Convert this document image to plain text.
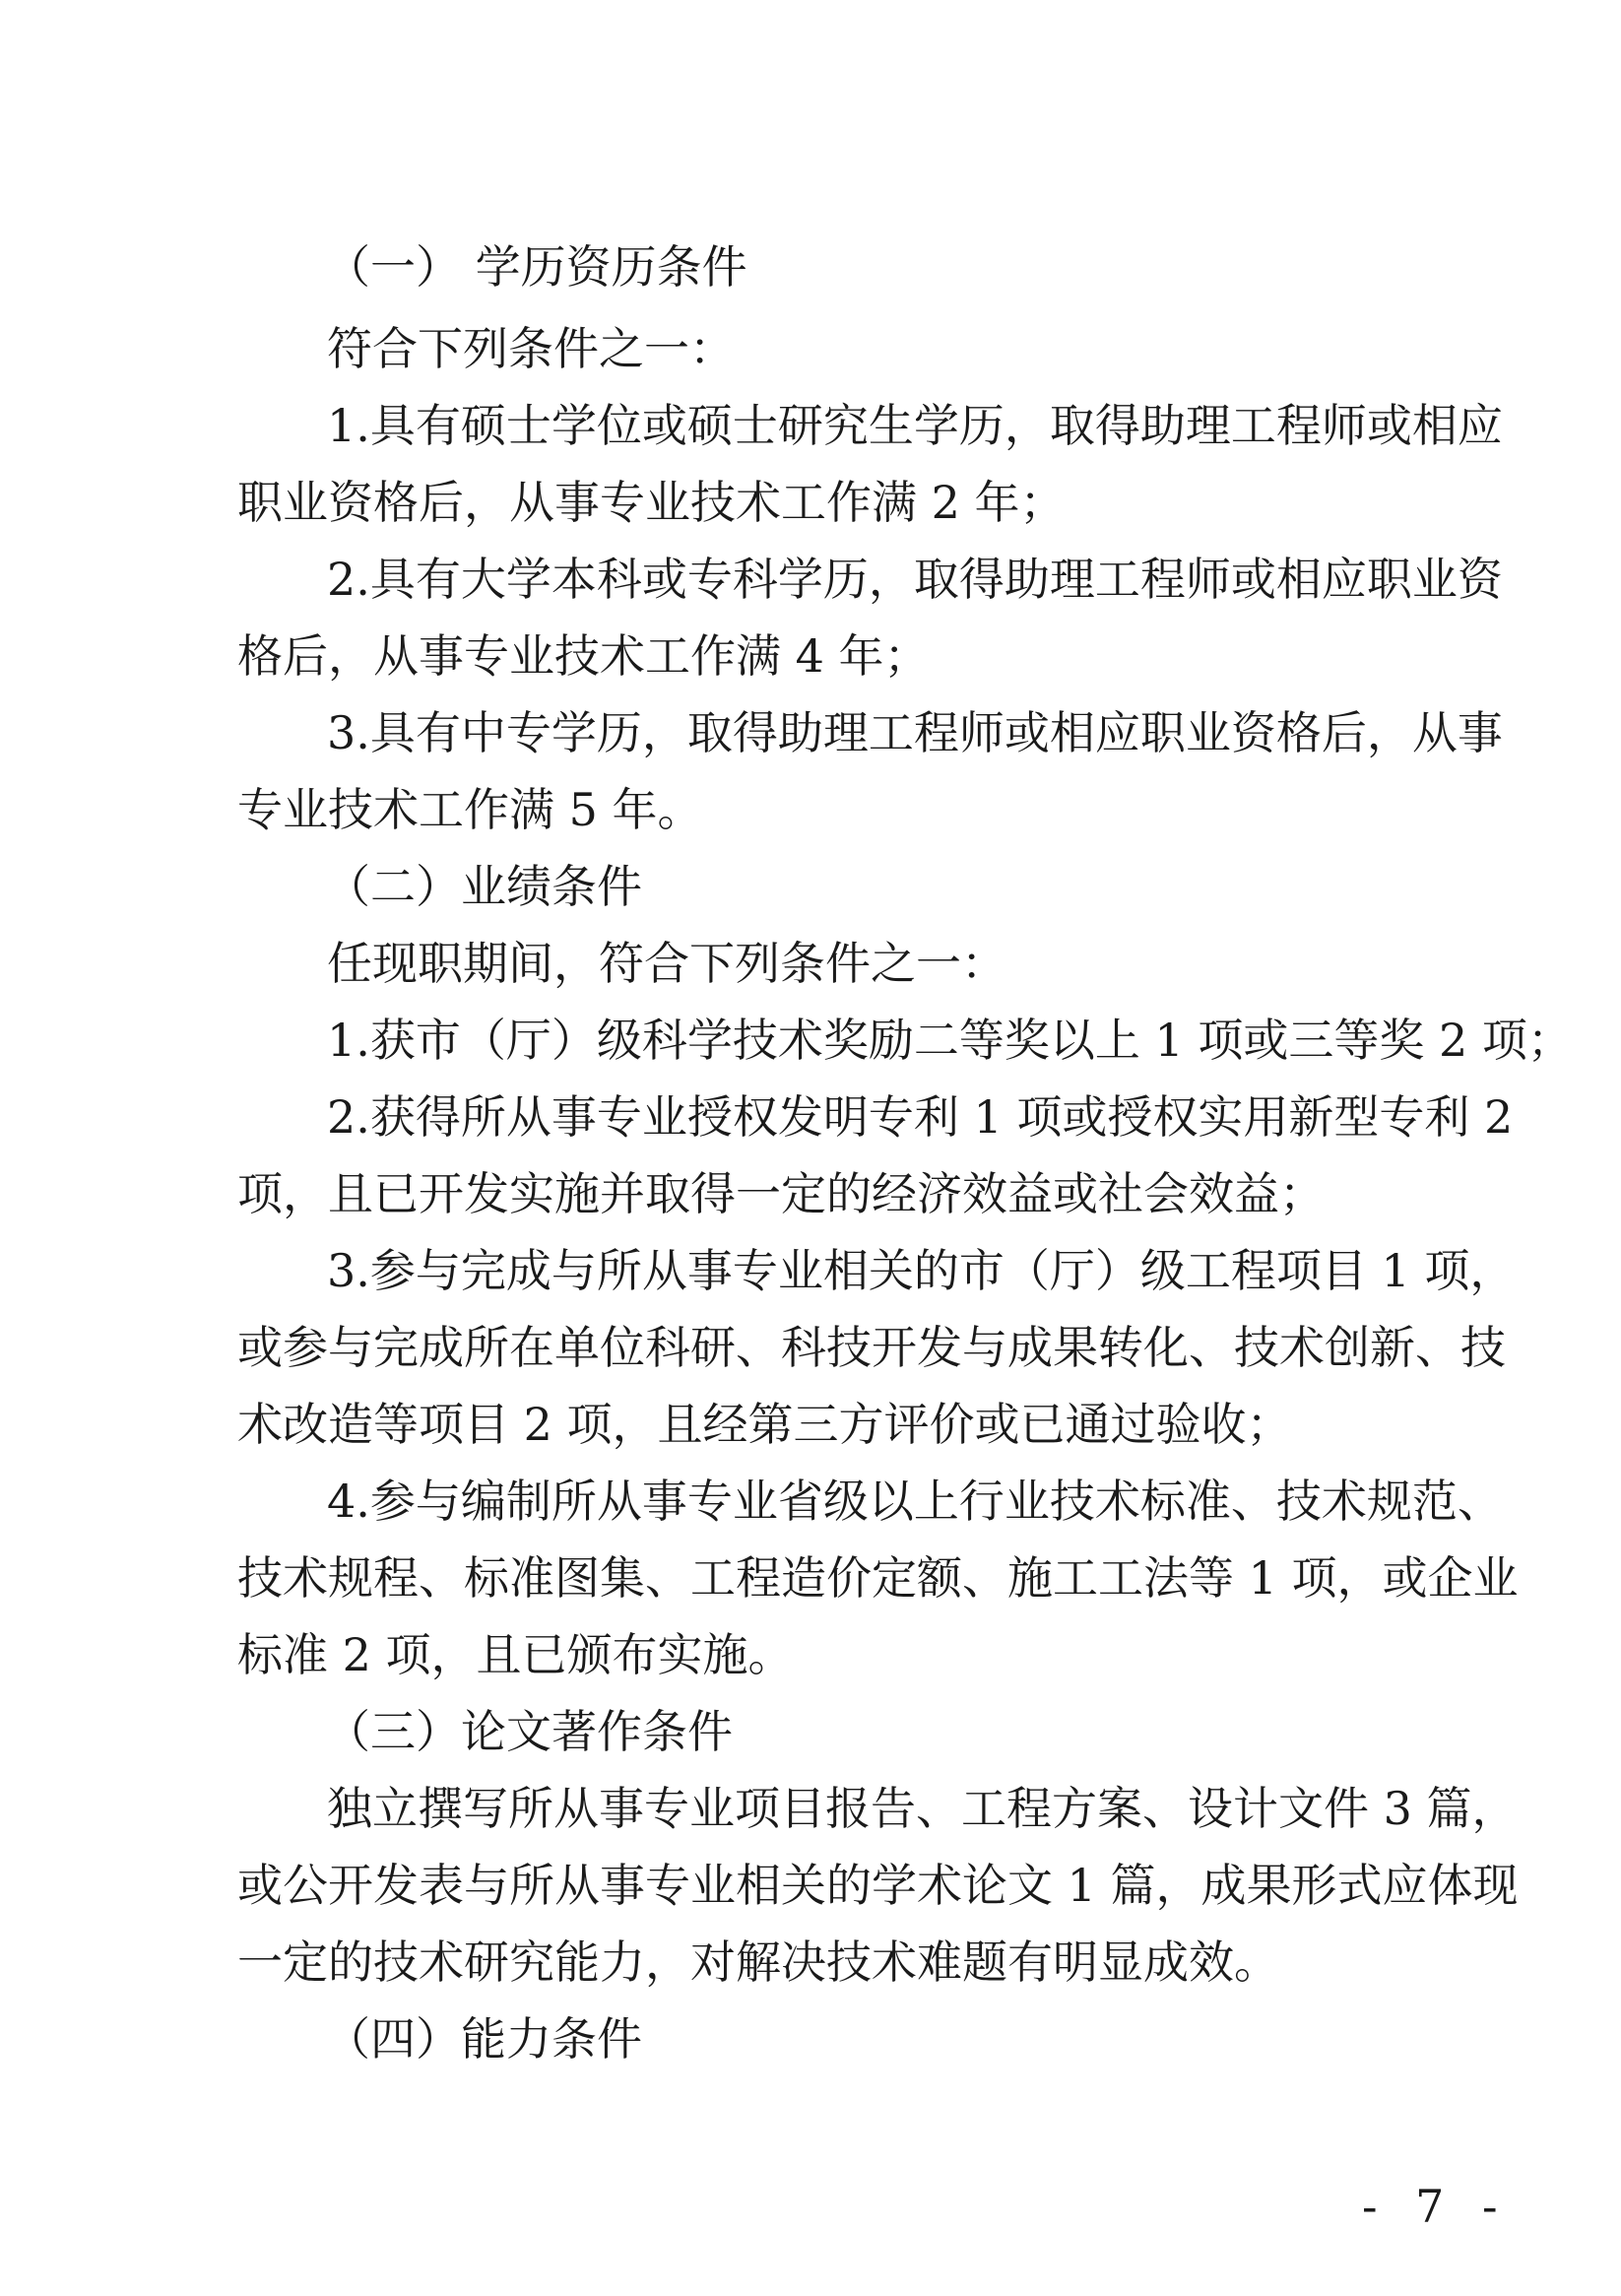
（一） 学历资历条件
符合下列条件之一：
1.具有硕士学位或硕士研究生学历，取得助理工程师或相应
职业资格后，从事专业技术工作满 2 年；
2.具有大学本科或专科学历，取得助理工程师或相应职业资
格后，从事专业技术工作满 4 年；
3.具有中专学历，取得助理工程师或相应职业资格后，从事
专业技术工作满 5 年。
（二）业绩条件
任现职期间，符合下列条件之一：
1.获市（厅）级科学技术奖励二等奖以上 1 项或三等奖 2 项；
2.获得所从事专业授权发明专利 1 项或授权实用新型专利 2
项，且已开发实施并取得一定的经济效益或社会效益；
3.参与完成与所从事专业相关的市（厅）级工程项目 1 项，
或参与完成所在单位科研、科技开发与成果转化、技术创新、技
术改造等项目 2 项，且经第三方评价或已通过验收；
4.参与编制所从事专业省级以上行业技术标准、技术规范、
技术规程、标准图集、工程造价定额、施工工法等 1 项，或企业
标准 2 项，且已颁布实施。
（三）论文著作条件
独立撰写所从事专业项目报告、工程方案、设计文件 3 篇，
或公开发表与所从事专业相关的学术论文 1 篇，成果形式应体现
一定的技术研究能力，对解决技术难题有明显成效。
（四）能力条件
- 7 -
